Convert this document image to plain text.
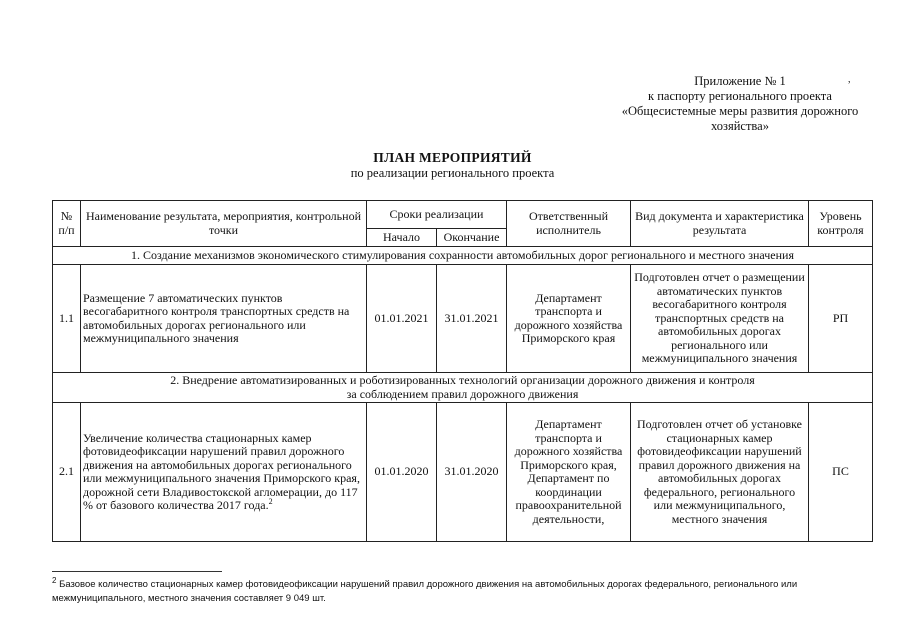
Приложение № 1
к паспорту регионального проекта
«Общесистемные меры развития дорожного
хозяйства»
,
ПЛАН МЕРОПРИЯТИЙ
по реализации регионального проекта
№ п/п	Наименование результата, мероприятия, контрольной точки	Сроки реализации		Ответственный исполнитель	Вид документа и характеристика результата	Уровень контроля
		Начало	Окончание			
1. Создание механизмов экономического стимулирования сохранности автомобильных дорог регионального и местного значения						
1.1	Размещение 7 автоматических пунктов весогабаритного контроля транспортных средств на автомобильных дорогах регионального или межмуниципального значения	01.01.2021	31.01.2021	Департамент транспорта и дорожного хозяйства Приморского края	Подготовлен отчет о размещении автоматических пунктов весогабаритного контроля транспортных средств на автомобильных дорогах регионального или межмуниципального значения	РП

2. Внедрение автоматизированных и роботизированных технологий организации дорожного движения и контроля
за соблюдением правил дорожного движения						

2.1	Увеличение количества стационарных камер фотовидеофиксации нарушений правил дорожного движения на автомобильных дорогах регионального или межмуниципального значения Приморского края, дорожной сети Владивостокской агломерации, до 117 % от базового количества 2017 года.$^2$	01.01.2020	31.01.2020	Департамент транспорта и дорожного хозяйства Приморского края, Департамент по координации правоохранительной деятельности,	Подготовлен отчет об установке стационарных камер фотовидеофиксации нарушений правил дорожного движения на автомобильных дорогах федерального, регионального или межмуниципального, местного значения	ПС
$^2$ Базовое количество стационарных камер фотовидеофиксации нарушений правил дорожного движения на автомобильных дорогах федерального, регионального или межмуниципального, местного значения составляет 9 049 шт.
